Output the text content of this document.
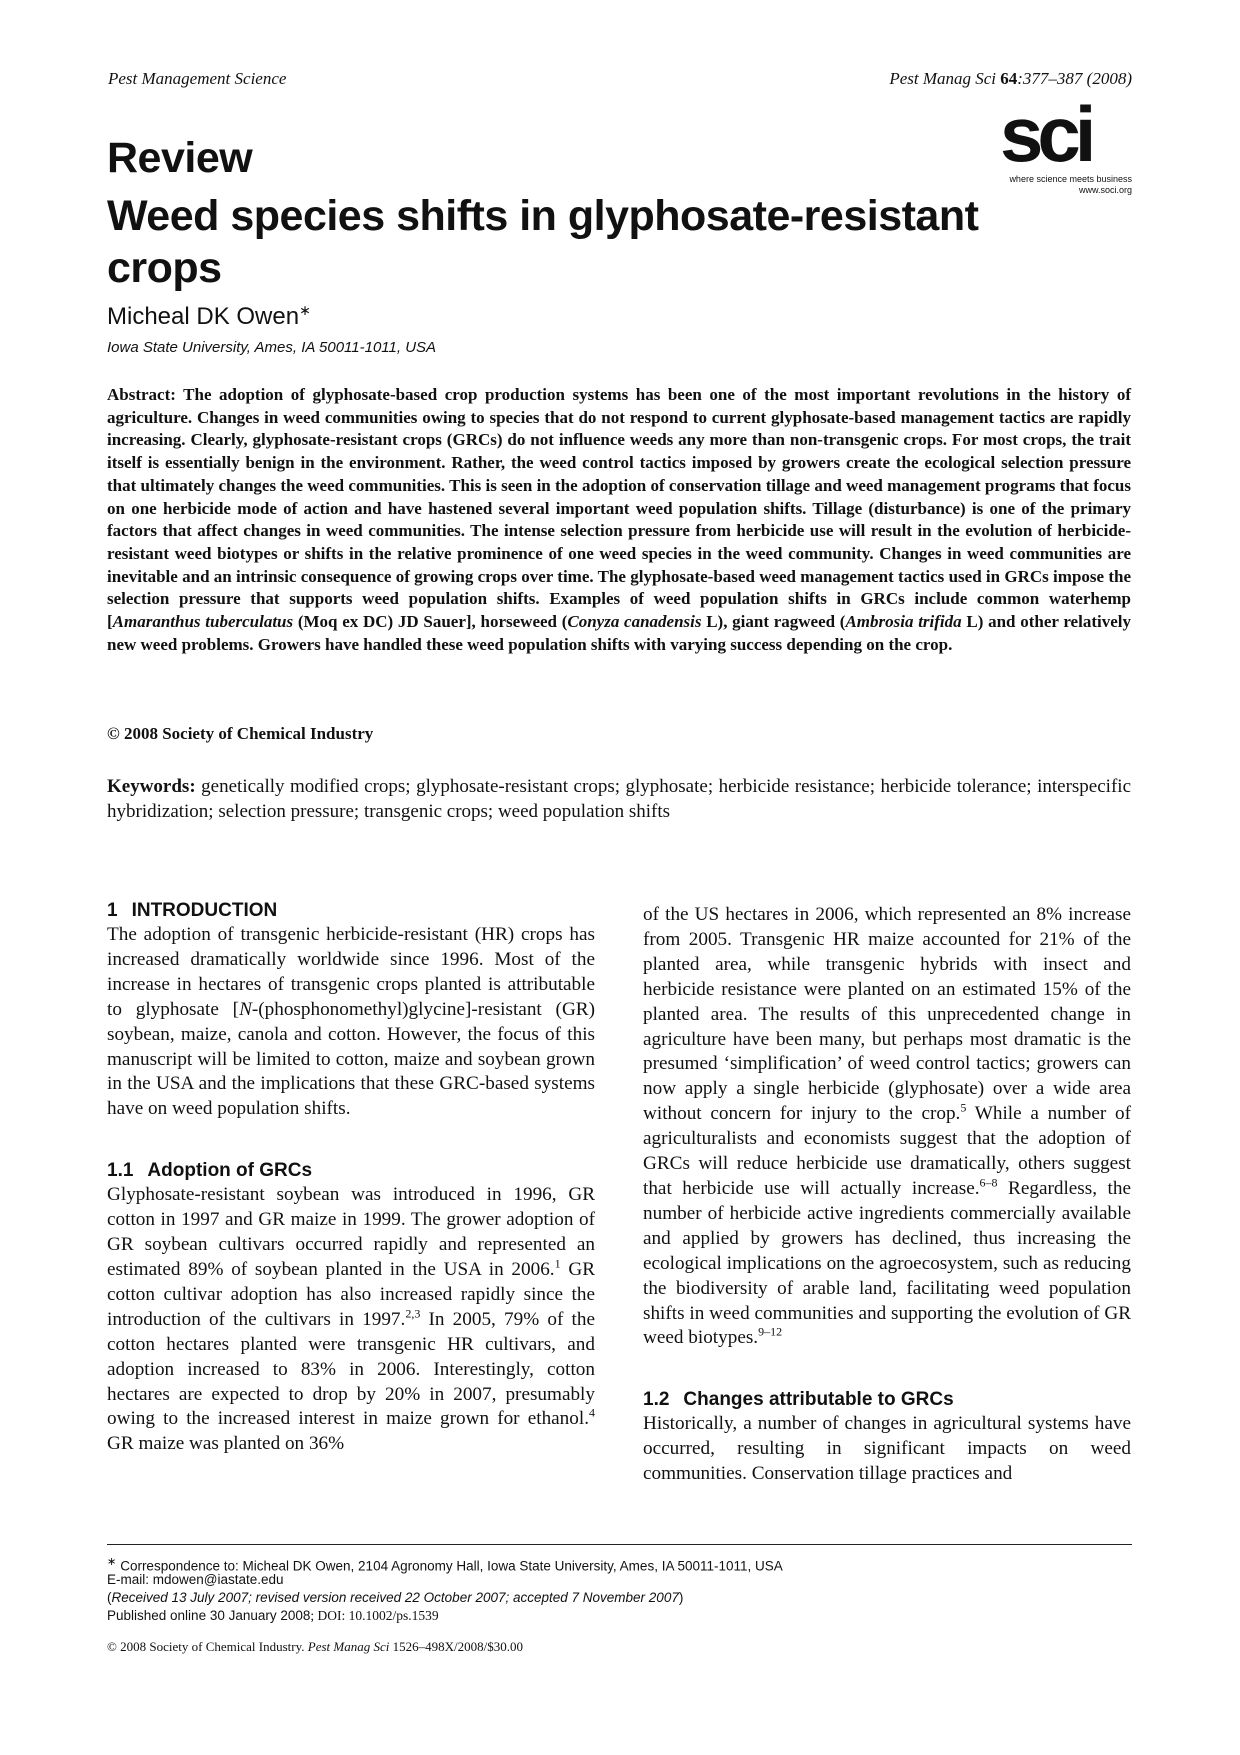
Pest Management Science	Pest Manag Sci 64:377–387 (2008)
sci
where science meets business
www.soci.org
Review
Weed species shifts in glyphosate-resistant crops
Micheal DK Owen∗
Iowa State University, Ames, IA 50011-1011, USA

Abstract: The adoption of glyphosate-based crop production systems has been one of the most important revolutions in the history of agriculture. Changes in weed communities owing to species that do not respond to current glyphosate-based management tactics are rapidly increasing. Clearly, glyphosate-resistant crops (GRCs) do not influence weeds any more than non-transgenic crops. For most crops, the trait itself is essentially benign in the environment. Rather, the weed control tactics imposed by growers create the ecological selection pressure that ultimately changes the weed communities. This is seen in the adoption of conservation tillage and weed management programs that focus on one herbicide mode of action and have hastened several important weed population shifts. Tillage (disturbance) is one of the primary factors that affect changes in weed communities. The intense selection pressure from herbicide use will result in the evolution of herbicide-resistant weed biotypes or shifts in the relative prominence of one weed species in the weed community. Changes in weed communities are inevitable and an intrinsic consequence of growing crops over time. The glyphosate-based weed management tactics used in GRCs impose the selection pressure that supports weed population shifts. Examples of weed population shifts in GRCs include common waterhemp [Amaranthus tuberculatus (Moq ex DC) JD Sauer], horseweed (Conyza canadensis L), giant ragweed (Ambrosia trifida L) and other relatively new weed problems. Growers have handled these weed population shifts with varying success depending on the crop.

© 2008 Society of Chemical Industry

Keywords: genetically modified crops; glyphosate-resistant crops; glyphosate; herbicide resistance; herbicide tolerance; interspecific hybridization; selection pressure; transgenic crops; weed population shifts

1 INTRODUCTION

The adoption of transgenic herbicide-resistant (HR) crops has increased dramatically worldwide since 1996. Most of the increase in hectares of transgenic crops planted is attributable to glyphosate [N-(phosphonomethyl)glycine]-resistant (GR) soybean, maize, canola and cotton. However, the focus of this manuscript will be limited to cotton, maize and soybean grown in the USA and the implications that these GRC-based systems have on weed population shifts.

1.1 Adoption of GRCs

Glyphosate-resistant soybean was introduced in 1996, GR cotton in 1997 and GR maize in 1999. The grower adoption of GR soybean cultivars occurred rapidly and represented an estimated 89% of soybean planted in the USA in 2006.$^1$ GR cotton cultivar adoption has also increased rapidly since the introduction of the cultivars in 1997.$^{2,3}$ In 2005, 79% of the cotton hectares planted were transgenic HR cultivars, and adoption increased to 83% in 2006. Interestingly, cotton hectares are expected to drop by 20% in 2007, presumably owing to the increased interest in maize grown for ethanol.$^4$ GR maize was planted on 36%

of the US hectares in 2006, which represented an 8% increase from 2005. Transgenic HR maize accounted for 21% of the planted area, while transgenic hybrids with insect and herbicide resistance were planted on an estimated 15% of the planted area. The results of this unprecedented change in agriculture have been many, but perhaps most dramatic is the presumed ‘simplification’ of weed control tactics; growers can now apply a single herbicide (glyphosate) over a wide area without concern for injury to the crop.$^5$ While a number of agriculturalists and economists suggest that the adoption of GRCs will reduce herbicide use dramatically, others suggest that herbicide use will actually increase.$^{6-8}$ Regardless, the number of herbicide active ingredients commercially available and applied by growers has declined, thus increasing the ecological implications on the agroecosystem, such as reducing the biodiversity of arable land, facilitating weed population shifts in weed communities and supporting the evolution of GR weed biotypes.$^{9-12}$

1.2 Changes attributable to GRCs

Historically, a number of changes in agricultural systems have occurred, resulting in significant impacts on weed communities. Conservation tillage practices and

∗ Correspondence to: Micheal DK Owen, 2104 Agronomy Hall, Iowa State University, Ames, IA 50011-1011, USA
E-mail: mdowen@iastate.edu
(Received 13 July 2007; revised version received 22 October 2007; accepted 7 November 2007)
Published online 30 January 2008; DOI: 10.1002/ps.1539
© 2008 Society of Chemical Industry. Pest Manag Sci 1526–498X/2008/$30.00
